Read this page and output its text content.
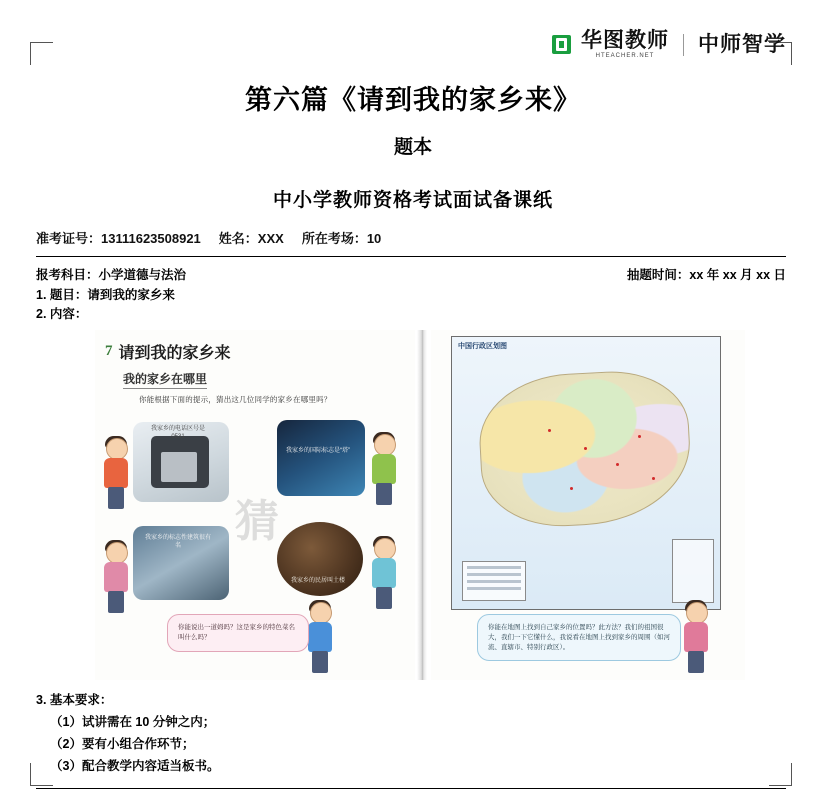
华图教师
HTEACHER.NET	中师智学
第六篇《请到我的家乡来》
题本
中小学教师资格考试面试备课纸
准考证号：13111623508921 姓名：XXX 所在考场：10
报考科目：小学道德与法治	抽题时间：xx 年 xx 月 xx 日
1. 题目：请到我的家乡来
2. 内容：
7 请到我的家乡来
我的家乡在哪里
你能根据下面的提示，猜出这几位同学的家乡在哪里吗？
猜
我家乡的电话区号是 0531
我家乡的国际标志是“塔”
我家乡的标志性建筑很有名
我家乡的民居叫土楼
你能说出一道姆吗？这是家乡的特色菜名叫什么吗？
中国行政区划图
你能在地图上找到自己家乡的位置吗？此方法？我们的祖国很大，我们一下它懂什么，我说看在地图上找到家乡的周围（如河流、直辖市、特别行政区）。
3. 基本要求：
（1）试讲需在 10 分钟之内；
（2）要有小组合作环节；
（3）配合教学内容适当板书。
